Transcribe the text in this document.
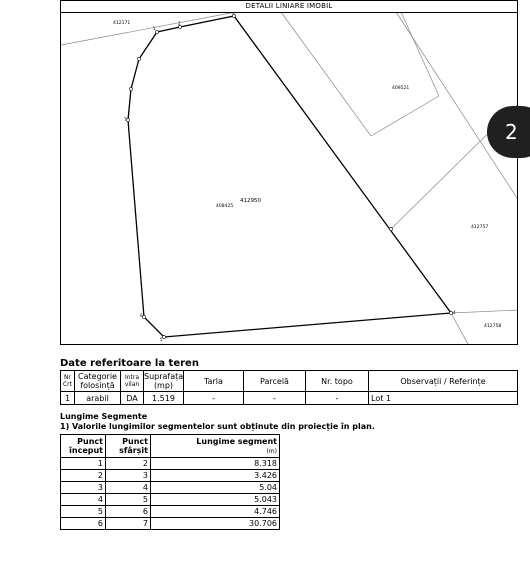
1
2
4
5
6
7
412171
409521
412950
408425
412757
412758
DETALII LINIARE IMOBIL
2
Date referitoare la teren
Nr Crt	Categorie folosință	Intra vilan	Suprafața (mp)	Tarla	Parcelă	Nr. topo	Observații / Referințe
1	arabil	DA	1.519	-	-	-	Lot 1
Lungime Segmente
1) Valorile lungimilor segmentelor sunt obținute din proiecție în plan.
Punct început	Punct sfârșit	Lungime segment
(m)
1	2	8.318
2	3	3.426
3	4	5.04
4	5	5.043
5	6	4.746
6	7	30.706
